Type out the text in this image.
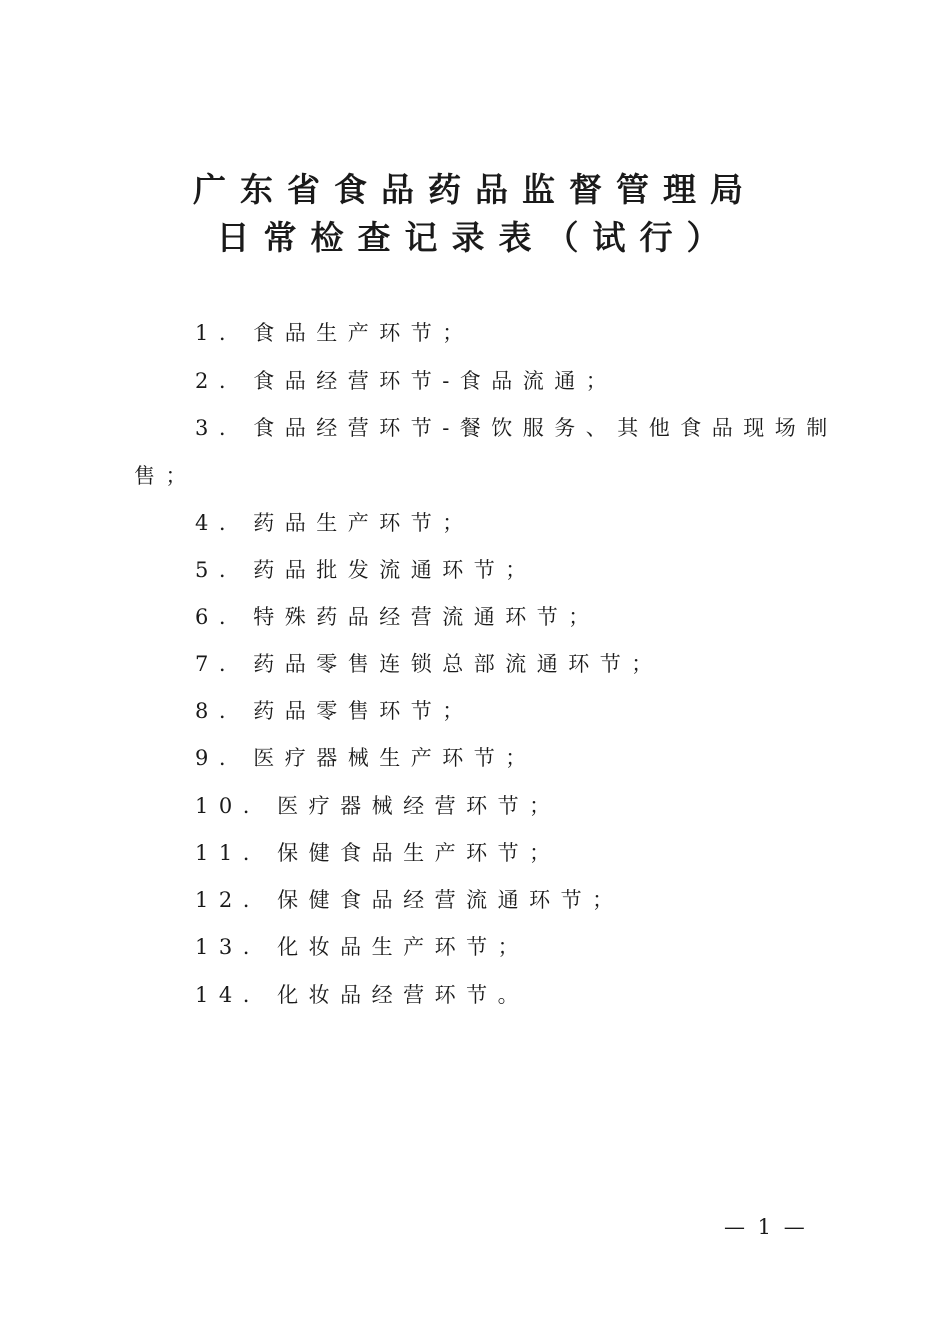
广东省食品药品监督管理局
日常检查记录表（试行）
1. 食品生产环节；
2. 食品经营环节-食品流通；
3. 食品经营环节-餐饮服务、其他食品现场制
售；
4. 药品生产环节；
5. 药品批发流通环节；
6. 特殊药品经营流通环节；
7. 药品零售连锁总部流通环节；
8. 药品零售环节；
9. 医疗器械生产环节；
10. 医疗器械经营环节；
11. 保健食品生产环节；
12. 保健食品经营流通环节；
13. 化妆品生产环节；
14. 化妆品经营环节。
— 1 —
